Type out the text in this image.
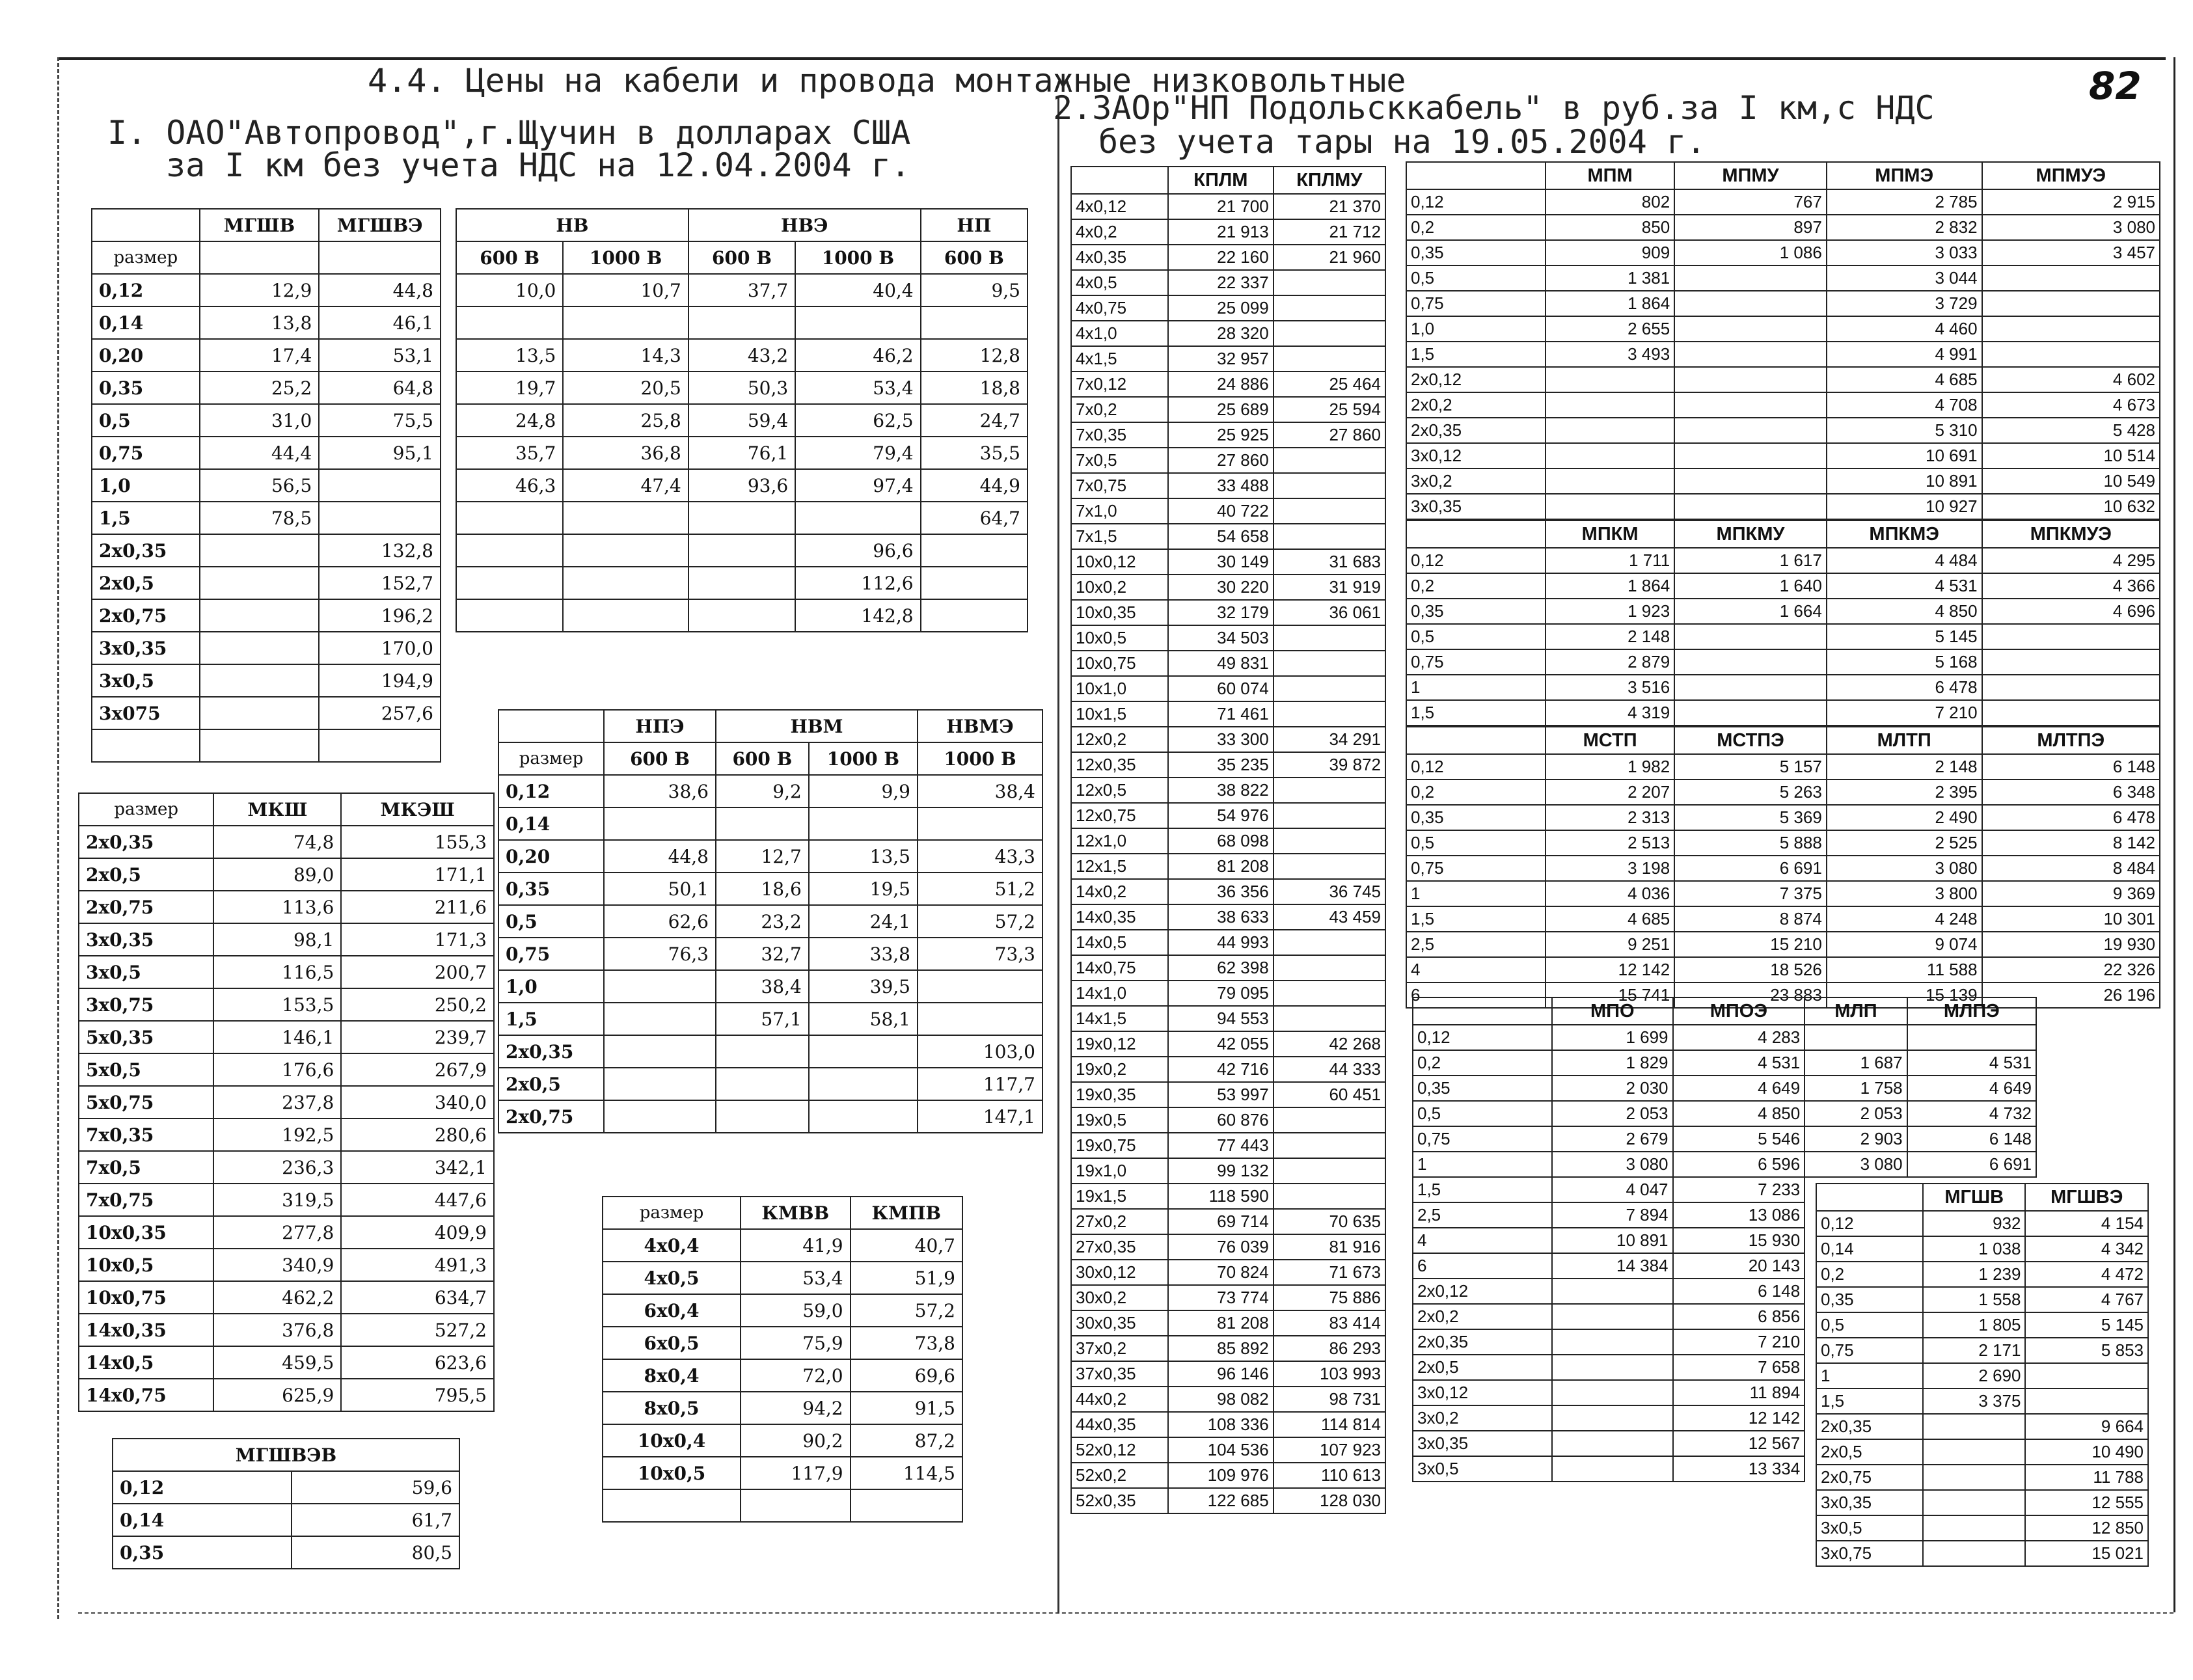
4.4. Цены на кабели и провода монтажные низковольтные	82
I. ОАО"Автопровод",г.Щучин в долларах США
за I км без учета НДС на 12.04.2004 г.
2.ЗАОр"НП Подольсккабель" в руб.за I км,с НДС
без учета тары на 19.05.2004 г.
	МГШВ	МГШВЭ
размер		
0,12	12,9	44,8
0,14	13,8	46,1
0,20	17,4	53,1
0,35	25,2	64,8
0,5	31,0	75,5
0,75	44,4	95,1
1,0	56,5	
1,5	78,5	
2х0,35		132,8
2х0,5		152,7
2х0,75		196,2
3х0,35		170,0
3х0,5		194,9
3х075		257,6

НВ		НВЭ		НП
600 В	1000 В	600 В	1000 В	600 В
10,0	10,7	37,7	40,4	9,5

13,5	14,3	43,2	46,2	12,8
19,7	20,5	50,3	53,4	18,8
24,8	25,8	59,4	62,5	24,7
35,7	36,8	76,1	79,4	35,5
46,3	47,4	93,6	97,4	44,9
				64,7
			96,6	
			112,6	
			142,8	
размер	МКШ	МКЭШ
2х0,35	74,8	155,3
2х0,5	89,0	171,1
2х0,75	113,6	211,6
3х0,35	98,1	171,3
3х0,5	116,5	200,7
3х0,75	153,5	250,2
5х0,35	146,1	239,7
5х0,5	176,6	267,9
5х0,75	237,8	340,0
7х0,35	192,5	280,6
7х0,5	236,3	342,1
7х0,75	319,5	447,6
10х0,35	277,8	409,9
10х0,5	340,9	491,3
10х0,75	462,2	634,7
14х0,35	376,8	527,2
14х0,5	459,5	623,6
14х0,75	625,9	795,5
МГШВЭВ	
0,12	59,6
0,14	61,7
0,35	80,5
	НПЭ	НВМ		НВМЭ
размер	600 В	600 В	1000 В	1000 В
0,12	38,6	9,2	9,9	38,4
0,14				
0,20	44,8	12,7	13,5	43,3
0,35	50,1	18,6	19,5	51,2
0,5	62,6	23,2	24,1	57,2
0,75	76,3	32,7	33,8	73,3
1,0		38,4	39,5	
1,5		57,1	58,1	
2х0,35				103,0
2х0,5				117,7
2х0,75				147,1
размер	КМВВ	КМПВ
4х0,4	41,9	40,7
4х0,5	53,4	51,9
6х0,4	59,0	57,2
6х0,5	75,9	73,8
8х0,4	72,0	69,6
8х0,5	94,2	91,5
10х0,4	90,2	87,2
10х0,5	117,9	114,5

	КПЛМ	КПЛМУ
4х0,12	21 700	21 370
4х0,2	21 913	21 712
4х0,35	22 160	21 960
4х0,5	22 337	
4х0,75	25 099	
4х1,0	28 320	
4х1,5	32 957	
7х0,12	24 886	25 464
7х0,2	25 689	25 594
7х0,35	25 925	27 860
7х0,5	27 860	
7х0,75	33 488	
7х1,0	40 722	
7х1,5	54 658	
10х0,12	30 149	31 683
10х0,2	30 220	31 919
10х0,35	32 179	36 061
10х0,5	34 503	
10х0,75	49 831	
10х1,0	60 074	
10х1,5	71 461	
12х0,2	33 300	34 291
12х0,35	35 235	39 872
12х0,5	38 822	
12х0,75	54 976	
12х1,0	68 098	
12х1,5	81 208	
14х0,2	36 356	36 745
14х0,35	38 633	43 459
14х0,5	44 993	
14х0,75	62 398	
14х1,0	79 095	
14х1,5	94 553	
19х0,12	42 055	42 268
19х0,2	42 716	44 333
19х0,35	53 997	60 451
19х0,5	60 876	
19х0,75	77 443	
19х1,0	99 132	
19х1,5	118 590	
27х0,2	69 714	70 635
27х0,35	76 039	81 916
30х0,12	70 824	71 673
30х0,2	73 774	75 886
30х0,35	81 208	83 414
37х0,2	85 892	86 293
37х0,35	96 146	103 993
44х0,2	98 082	98 731
44х0,35	108 336	114 814
52х0,12	104 536	107 923
52х0,2	109 976	110 613
52х0,35	122 685	128 030
	МПМ	МПМУ	МПМЭ	МПМУЭ
0,12	802	767	2 785	2 915
0,2	850	897	2 832	3 080
0,35	909	1 086	3 033	3 457
0,5	1 381		3 044	
0,75	1 864		3 729	
1,0	2 655		4 460	
1,5	3 493		4 991	
2х0,12			4 685	4 602
2х0,2			4 708	4 673
2х0,35			5 310	5 428
3х0,12			10 691	10 514
3х0,2			10 891	10 549
3х0,35			10 927	10 632
	МПКМ	МПКМУ	МПКМЭ	МПКМУЭ
0,12	1 711	1 617	4 484	4 295
0,2	1 864	1 640	4 531	4 366
0,35	1 923	1 664	4 850	4 696
0,5	2 148		5 145	
0,75	2 879		5 168	
1	3 516		6 478	
1,5	4 319		7 210	
	МСТП	МСТПЭ	МЛТП	МЛТПЭ
0,12	1 982	5 157	2 148	6 148
0,2	2 207	5 263	2 395	6 348
0,35	2 313	5 369	2 490	6 478
0,5	2 513	5 888	2 525	8 142
0,75	3 198	6 691	3 080	8 484
1	4 036	7 375	3 800	9 369
1,5	4 685	8 874	4 248	10 301
2,5	9 251	15 210	9 074	19 930
4	12 142	18 526	11 588	22 326
6	15 741	23 883	15 139	26 196
	МПО	МПОЭ	МЛП	МЛПЭ
0,12	1 699	4 283		
0,2	1 829	4 531	1 687	4 531
0,35	2 030	4 649	1 758	4 649
0,5	2 053	4 850	2 053	4 732
0,75	2 679	5 546	2 903	6 148
1	3 080	6 596	3 080	6 691
1,5	4 047	7 233		
2,5	7 894	13 086		
4	10 891	15 930		
6	14 384	20 143		
2х0,12		6 148		
2х0,2		6 856		
2х0,35		7 210		
2х0,5		7 658		
3х0,12		11 894		
3х0,2		12 142		
3х0,35		12 567		
3х0,5		13 334		
	МГШВ	МГШВЭ
0,12	932	4 154
0,14	1 038	4 342
0,2	1 239	4 472
0,35	1 558	4 767
0,5	1 805	5 145
0,75	2 171	5 853
1	2 690	
1,5	3 375	
2х0,35		9 664
2х0,5		10 490
2х0,75		11 788
3х0,35		12 555
3х0,5		12 850
3х0,75		15 021
